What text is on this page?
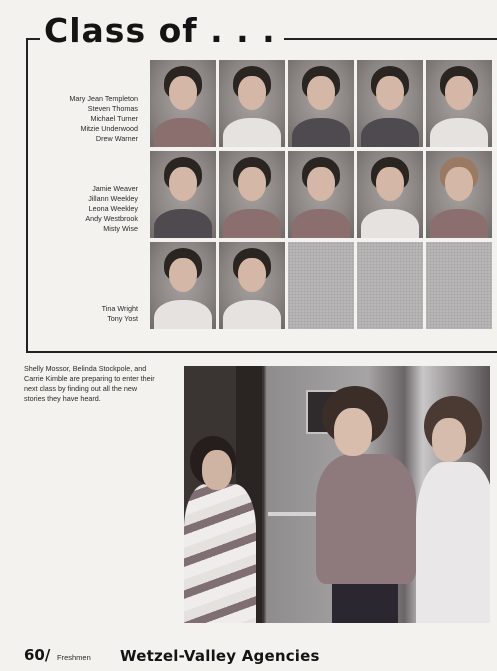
Class of . . .
Mary Jean Templeton
Steven Thomas
Michael Turner
Mitzie Underwood
Drew Warner
Jamie Weaver
Jillann Weekley
Leona Weekley
Andy Westbrook
Misty Wise
Tina Wright
Tony Yost
Shelly Mossor, Belinda Stockpole, and Carrie Kimble are preparing to enter their next class by finding out all the new stories they have heard.
60/ Freshmen Wetzel-Valley Agencies
